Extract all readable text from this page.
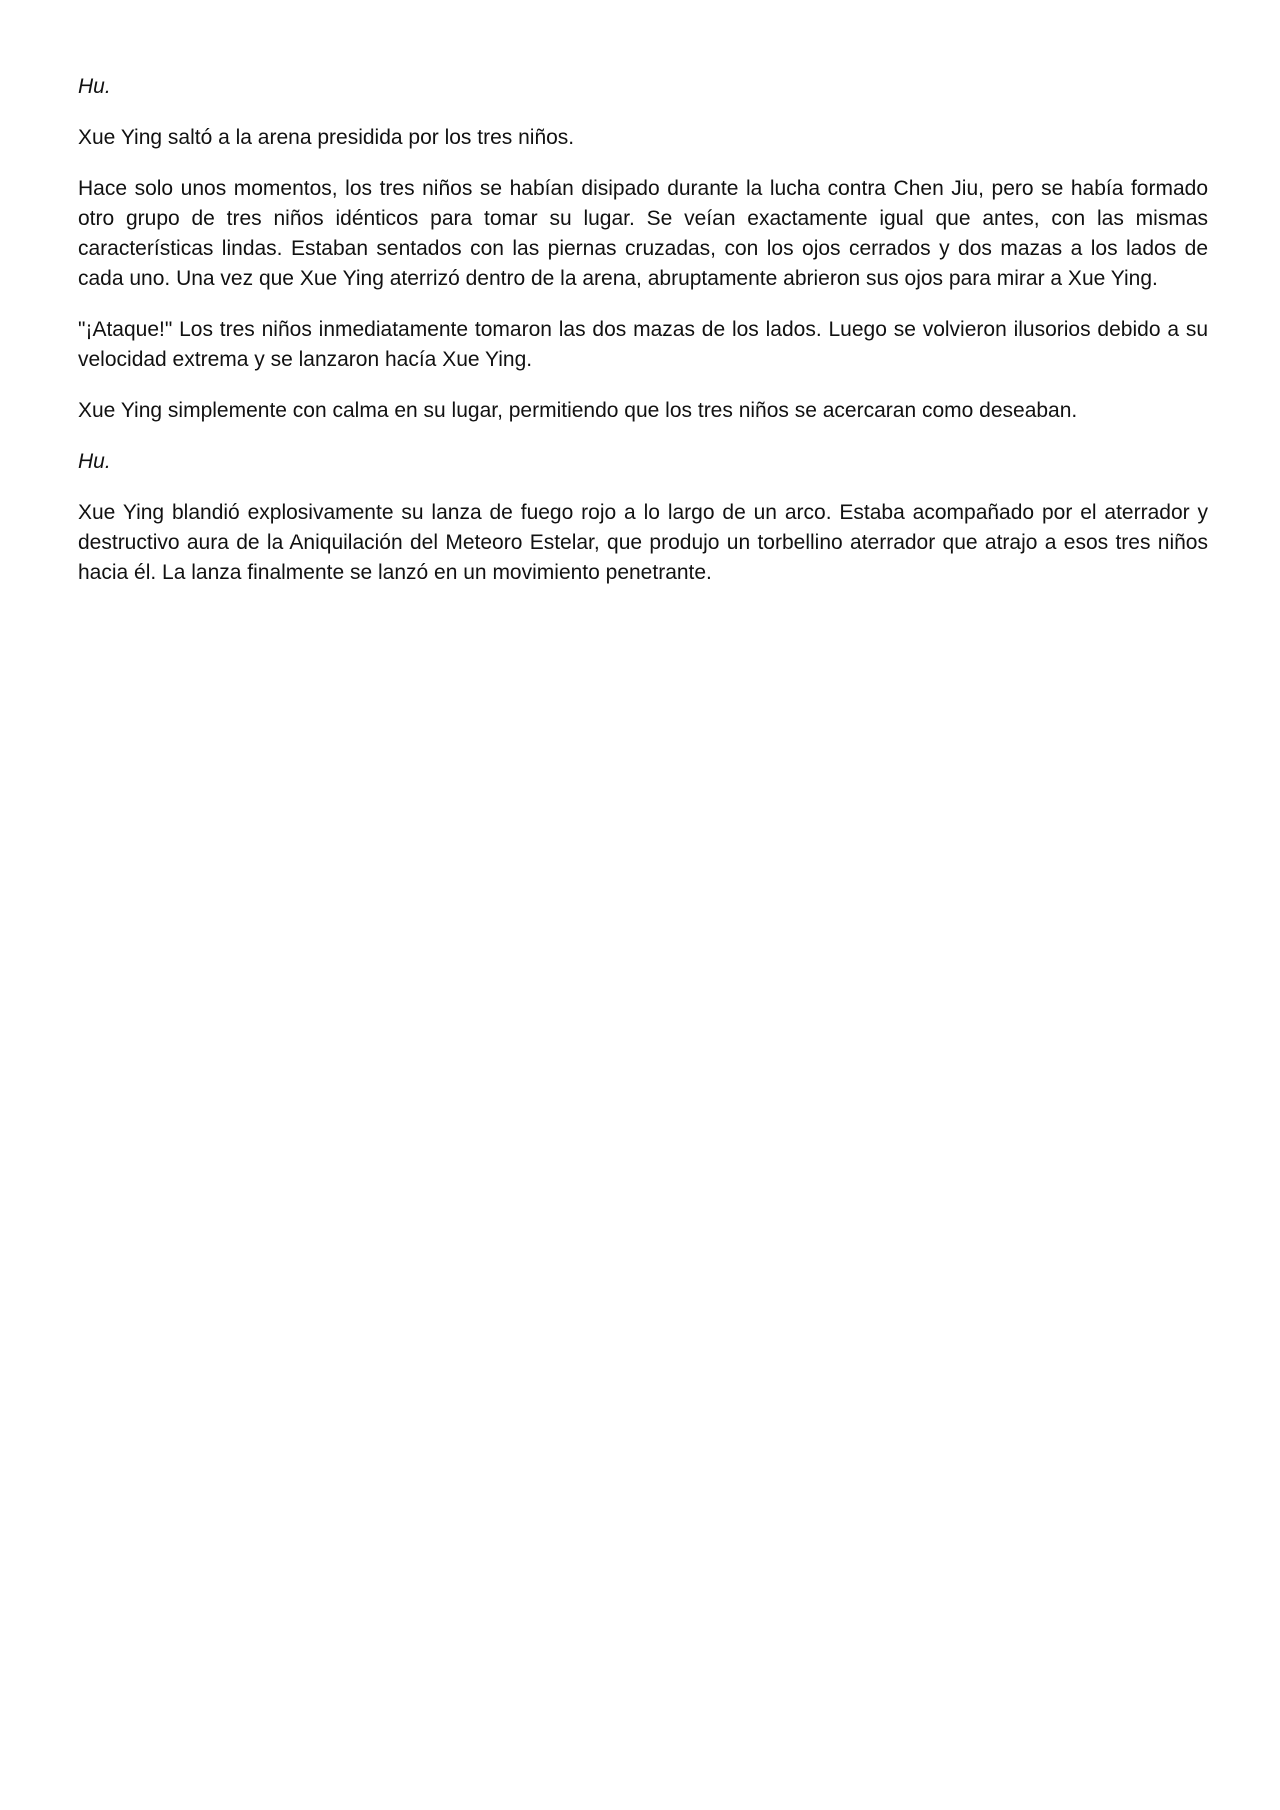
Hu.

Xue Ying saltó a la arena presidida por los tres niños.

Hace solo unos momentos, los tres niños se habían disipado durante la lucha contra Chen Jiu, pero se había formado otro grupo de tres niños idénticos para tomar su lugar. Se veían exactamente igual que antes, con las mismas características lindas. Estaban sentados con las piernas cruzadas, con los ojos cerrados y dos mazas a los lados de cada uno. Una vez que Xue Ying aterrizó dentro de la arena, abruptamente abrieron sus ojos para mirar a Xue Ying.

"¡Ataque!" Los tres niños inmediatamente tomaron las dos mazas de los lados. Luego se volvieron ilusorios debido a su velocidad extrema y se lanzaron hacía Xue Ying.

Xue Ying simplemente con calma en su lugar, permitiendo que los tres niños se acercaran como deseaban.

Hu.

Xue Ying blandió explosivamente su lanza de fuego rojo a lo largo de un arco. Estaba acompañado por el aterrador y destructivo aura de la Aniquilación del Meteoro Estelar, que produjo un torbellino aterrador que atrajo a esos tres niños hacia él. La lanza finalmente se lanzó en un movimiento penetrante.
